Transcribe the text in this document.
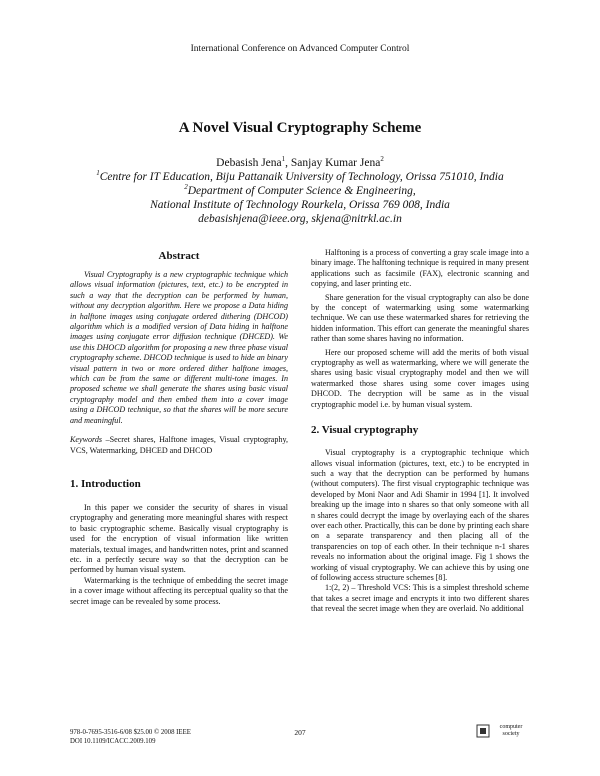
International Conference on Advanced Computer Control
A Novel Visual Cryptography Scheme
Debasish Jena$^1$, Sanjay Kumar Jena$^2$
$^1$Centre for IT Education, Biju Pattanaik University of Technology, Orissa 751010, India
$^2$Department of Computer Science & Engineering,
National Institute of Technology Rourkela, Orissa 769 008, India
debasishjena@ieee.org, skjena@nitrkl.ac.in
Abstract

Visual Cryptography is a new cryptographic technique which allows visual information (pictures, text, etc.) to be encrypted in such a way that the decryption can be performed by human, without any decryption algorithm. Here we propose a Data hiding in halftone images using conjugate ordered dithering (DHCOD) algorithm which is a modified version of Data hiding in halftone images using conjugate error diffusion technique (DHCED). We use this DHOCD algorithm for proposing a new three phase visual cryptography scheme. DHCOD technique is used to hide an binary visual pattern in two or more ordered dither halftone images, which can be from the same or different multi-tone images. In proposed scheme we shall generate the shares using basic visual cryptography model and then embed them into a cover image using a DHCOD technique, so that the shares will be more secure and meaningful.

Keywords –Secret shares, Halftone images, Visual cryptography, VCS, Watermarking, DHCED and DHCOD

1. Introduction

In this paper we consider the security of shares in visual cryptography and generating more meaningful shares with respect to basic cryptographic scheme. Basically visual cryptography is used for the encryption of visual information like written materials, textual images, and handwritten notes, print and scanned etc. in a perfectly secure way so that the decryption can be performed by human visual system.

Watermarking is the technique of embedding the secret image in a cover image without affecting its perceptual quality so that the secret image can be revealed by some process.

Halftoning is a process of converting a gray scale image into a binary image. The halftoning technique is required in many present applications such as facsimile (FAX), electronic scanning and copying, and laser printing etc.

Share generation for the visual cryptography can also be done by the concept of watermarking using some watermarking technique. We can use these watermarked shares for retrieving the hidden information. This effort can generate the meaningful shares rather than some shares having no information.

Here our proposed scheme will add the merits of both visual cryptography as well as watermarking, where we will generate the shares using basic visual cryptography model and then we will watermarked those shares using some cover images using DHCOD. The decryption will be same as in the visual cryptographic model i.e. by human visual system.

2. Visual cryptography

Visual cryptography is a cryptographic technique which allows visual information (pictures, text, etc.) to be encrypted in such a way that the decryption can be performed by humans (without computers). The first visual cryptographic technique was developed by Moni Naor and Adi Shamir in 1994 [1]. It involved breaking up the image into n shares so that only someone with all n shares could decrypt the image by overlaying each of the shares over each other. Practically, this can be done by printing each share on a separate transparency and then placing all of the transparencies on top of each other. In their technique n-1 shares reveals no information about the original image. Fig 1 shows the working of visual cryptography. We can achieve this by using one of following access structure schemes [8].

1:(2, 2) – Threshold VCS: This is a simplest threshold scheme that takes a secret image and encrypts it into two different shares that reveal the secret image when they are overlaid. No additional

978-0-7695-3516-6/08 $25.00 © 2008 IEEE
DOI 10.1109/ICACC.2009.109
207
computer
society
